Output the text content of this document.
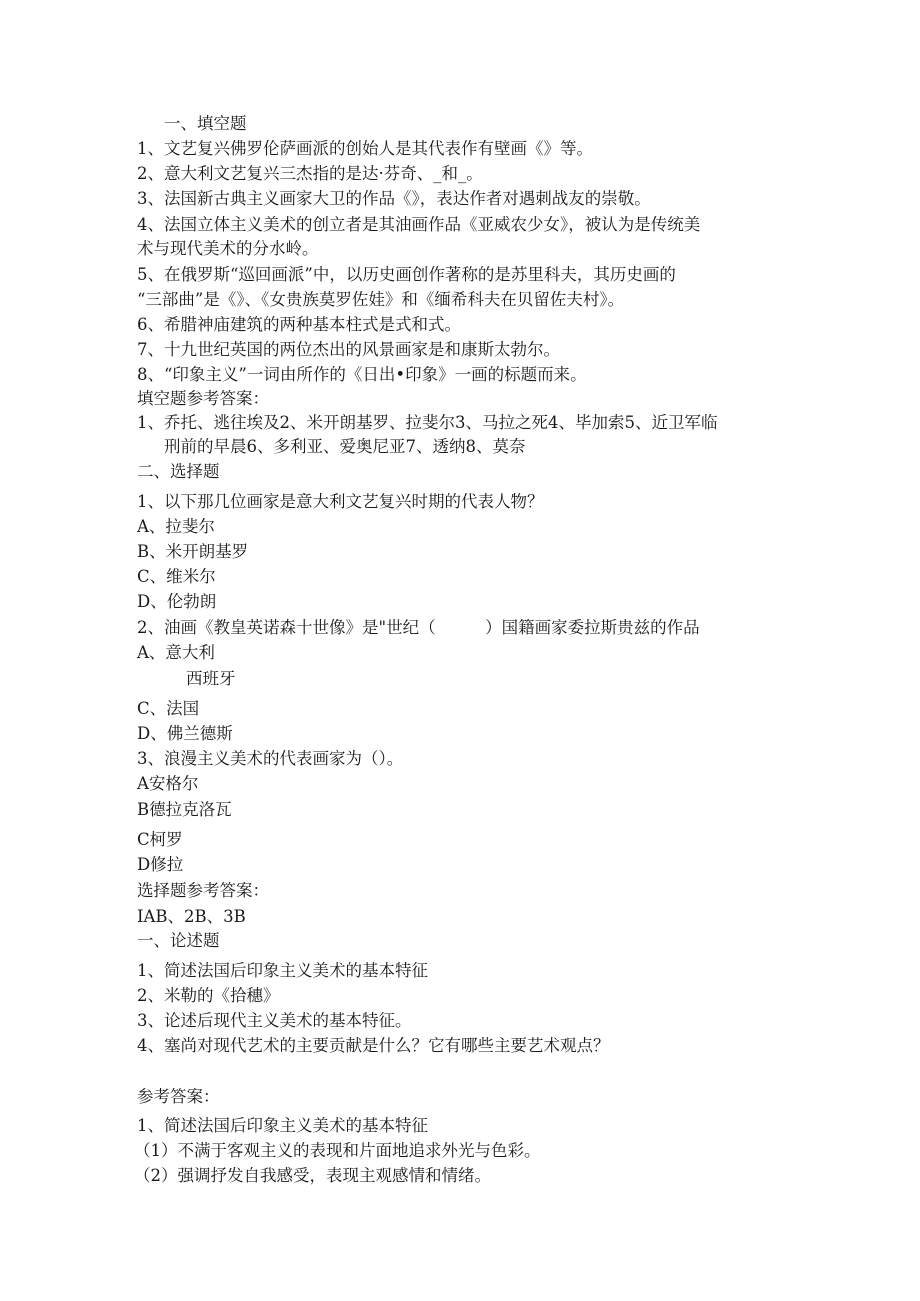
一、填空题
1、文艺复兴佛罗伦萨画派的创始人是其代表作有壁画《》等。
2、意大利文艺复兴三杰指的是达·芬奇、_和_。
3、法国新古典主义画家大卫的作品《》，表达作者对遇刺战友的崇敬。
4、法国立体主义美术的创立者是其油画作品《亚威农少女》，被认为是传统美
术与现代美术的分水岭。
5、在俄罗斯“巡回画派”中，以历史画创作著称的是苏里科夫，其历史画的
“三部曲”是《》、《女贵族莫罗佐娃》和《缅希科夫在贝留佐夫村》。
6、希腊神庙建筑的两种基本柱式是式和式。
7、十九世纪英国的两位杰出的风景画家是和康斯太勃尔。
8、“印象主义”一词由所作的《日出•印象》一画的标题而来。
填空题参考答案：
1、乔托、逃往埃及2、米开朗基罗、拉斐尔3、马拉之死4、毕加索5、近卫军临
刑前的早晨6、多利亚、爱奥尼亚7、透纳8、莫奈
二、选择题
1、以下那几位画家是意大利文艺复兴时期的代表人物？
A、拉斐尔
B、米开朗基罗
C、维米尔
D、伦勃朗
2、油画《教皇英诺森十世像》是"世纪（　　　）国籍画家委拉斯贵兹的作品
A、意大利
西班牙
C、法国
D、佛兰德斯
3、浪漫主义美术的代表画家为（）。
A安格尔
B德拉克洛瓦
C柯罗
D修拉
选择题参考答案：
IAB、2B、3B
一、论述题
1、简述法国后印象主义美术的基本特征
2、米勒的《拾穗》
3、论述后现代主义美术的基本特征。
4、塞尚对现代艺术的主要贡献是什么？它有哪些主要艺术观点？
参考答案：
1、简述法国后印象主义美术的基本特征
（1）不满于客观主义的表现和片面地追求外光与色彩。
（2）强调抒发自我感受，表现主观感情和情绪。
